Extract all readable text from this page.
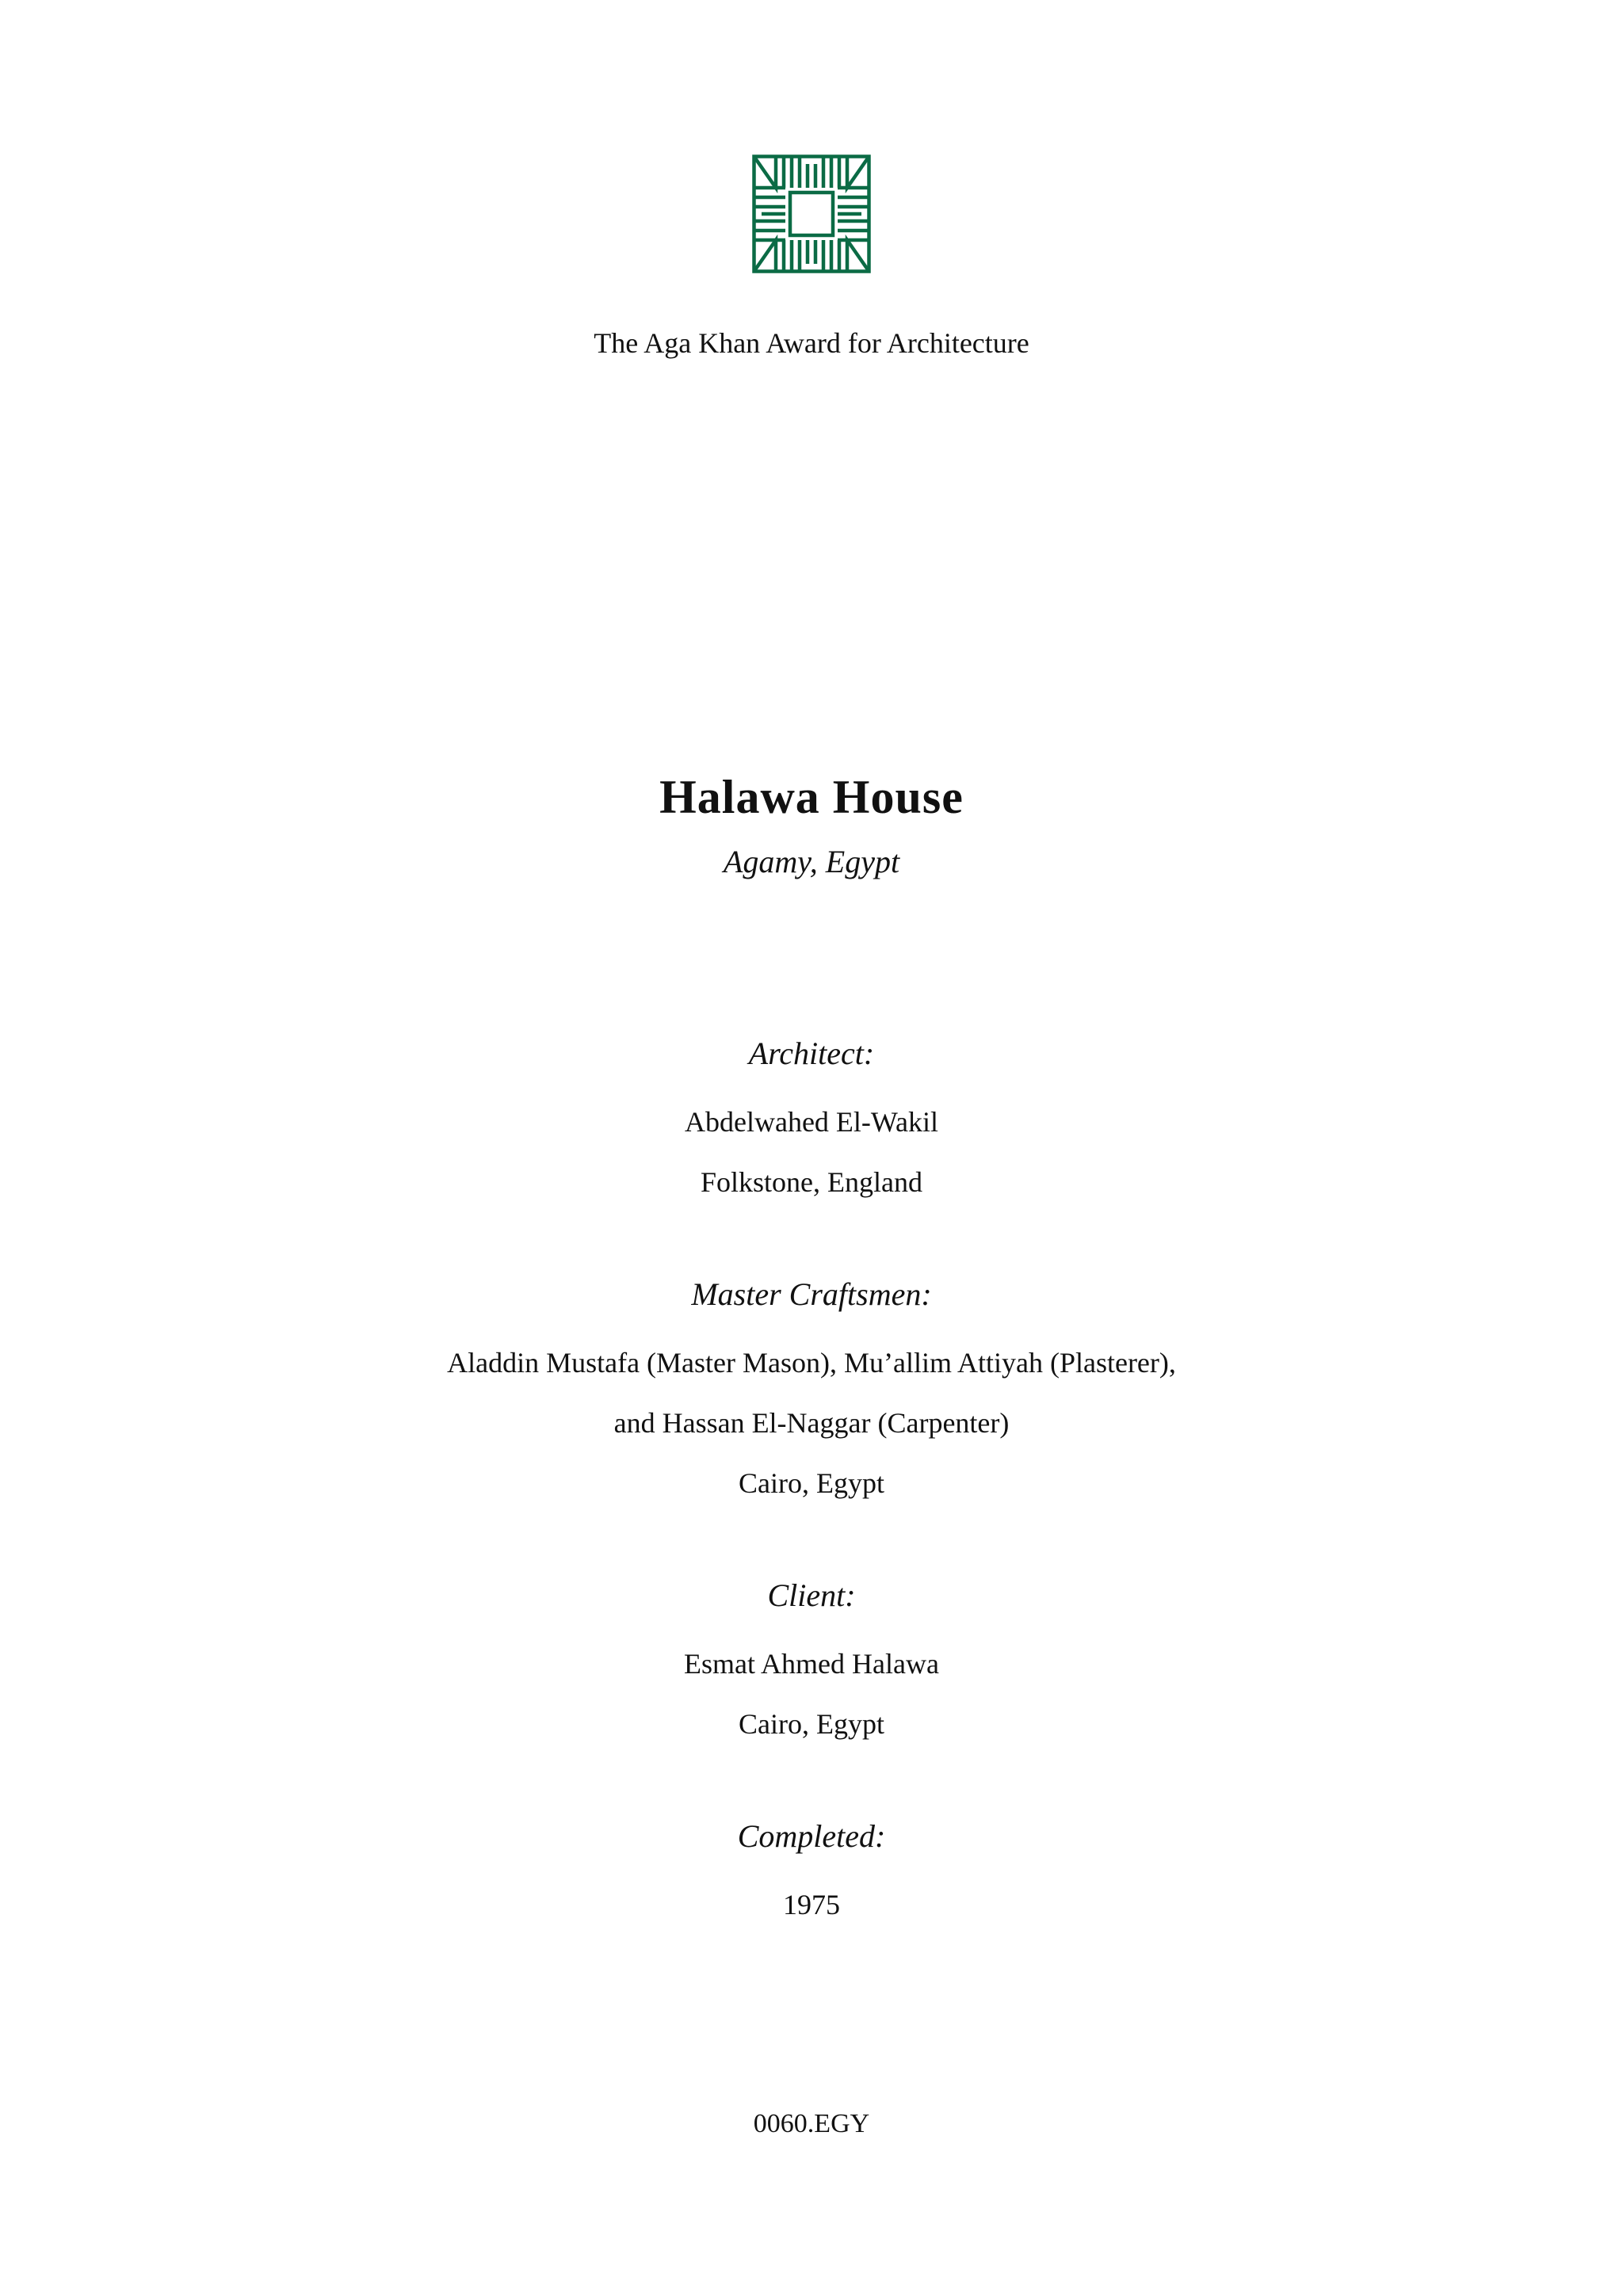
The Aga Khan Award for Architecture
Halawa House
Agamy, Egypt
Architect:
Abdelwahed El-Wakil
Folkstone, England
Master Craftsmen:
Aladdin Mustafa (Master Mason), Mu’allim Attiyah (Plasterer),
and Hassan El-Naggar (Carpenter)
Cairo, Egypt
Client:
Esmat Ahmed Halawa
Cairo, Egypt
Completed:
1975
0060.EGY
